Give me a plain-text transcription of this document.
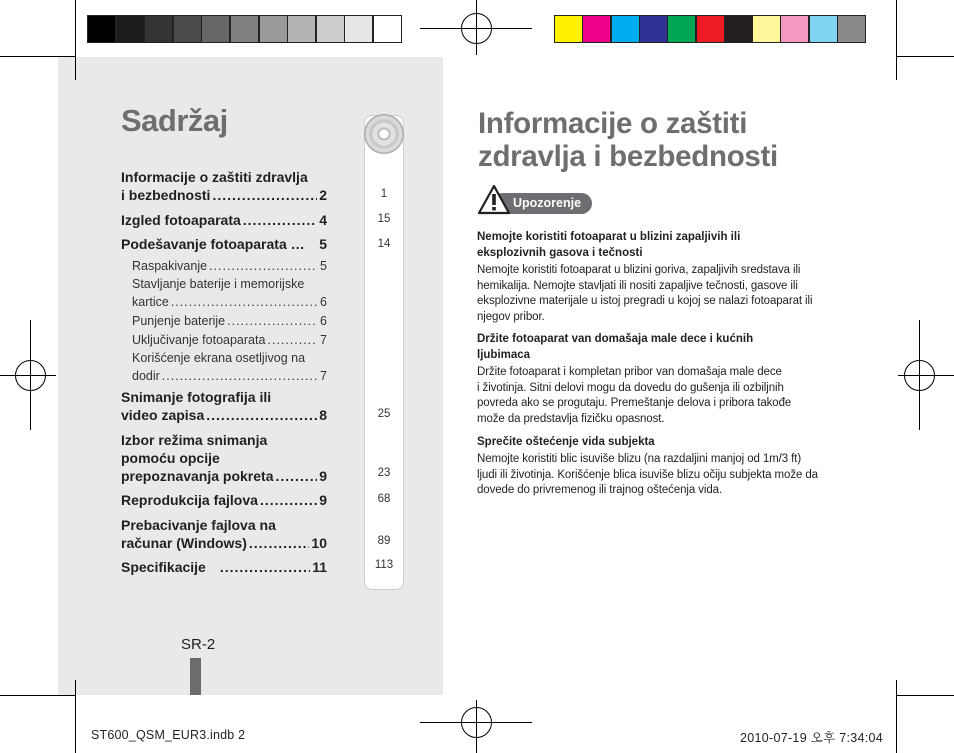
Sadržaj
1
15
14
25
23
68
89
113
Informacije o zaštiti zdravlja
i bezbednosti .....	2
Izgled fotoaparata .....	4
Podešavanje fotoaparata … 5
Raspakivanje .....	5
Stavljanje baterije i memorijske
kartice .....	6
Punjenje baterije .....	6
Uključivanje fotoaparata .....	7
Korišćenje ekrana osetljivog na
dodir .....	7
Snimanje fotografija ili
video zapisa .....	8
Izbor režima snimanja
pomoću opcije
prepoznavanja pokreta .....	9
Reprodukcija fajlova .....	9
Prebacivanje fajlova na
računar (Windows) .....	10
Specifikacije .....	11
SR-2
Informacije o zaštiti
zdravlja i bezbednosti
Upozorenje
Nemojte koristiti fotoaparat u blizini zapaljivih ili
eksplozivnih gasova i tečnosti
Nemojte koristiti fotoaparat u blizini goriva, zapaljivih sredstava ili
hemikalija. Nemojte stavljati ili nositi zapaljive tečnosti, gasove ili
eksplozivne materijale u istoj pregradi u kojoj se nalazi fotoaparat ili
njegov pribor.
Držite fotoaparat van domašaja male dece i kućnih
ljubimaca
Držite fotoaparat i kompletan pribor van domašaja male dece
i životinja. Sitni delovi mogu da dovedu do gušenja ili ozbiljnih
povreda ako se progutaju. Premeštanje delova i pribora takođe
može da predstavlja fizičku opasnost.
Sprečite oštećenje vida subjekta
Nemojte koristiti blic isuviše blizu (na razdaljini manjoj od 1m/3 ft)
ljudi ili životinja. Korišćenje blica isuviše blizu očiju subjekta može da
dovede do privremenog ili trajnog oštećenja vida.
ST600_QSM_EUR3.indb 2	2010-07-19 오후 7:34:04
